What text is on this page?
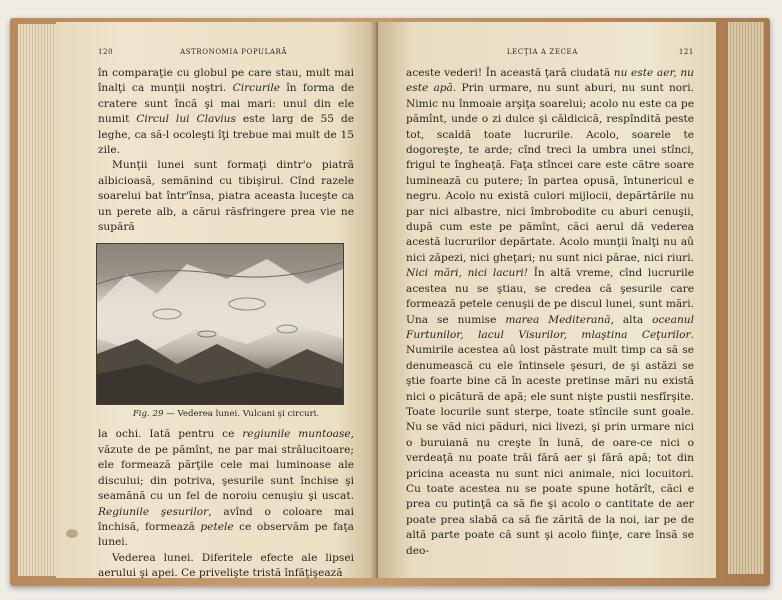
120	ASTRONOMIA POPULARĂ

în comparaţie cu globul pe care stau, mult mai înalţi ca munţii noştri. Circurile în forma de cratere sunt încă şi mai mari: unul din ele numit Circul lui Clavius este larg de 55 de leghe, ca să-l ocoleşti îţi trebue mai mult de 15 zile.

Munţii lunei sunt formaţi dintr'o piatră albicioasă, semănind cu tibişirul. Cînd razele soarelui bat într'însa, piatra aceasta luceşte ca un perete alb, a cărui răsfringere prea vie ne supără

Fig. 29 — Vederea lunei. Vulcani şi circuri.

la ochi. Iată pentru ce regiunile muntoase, văzute de pe pămînt, ne par mai strălucitoare; ele formează părţile cele mai luminoase ale discului; din potriva, şesurile sunt închise şi seamănă cu un fel de noroiu cenuşiu şi uscat. Regiunile şesurilor, avînd o coloare mai închisă, formează petele ce observăm pe faţa lunei.

Vederea lunei. Diferitele efecte ale lipsei aerului şi apei. Ce privelişte tristă înfăţişează

LECŢIA A ZECEA	121

aceste vederi! În această ţară ciudată nu este aer, nu este apă. Prin urmare, nu sunt aburi, nu sunt nori. Nimic nu înmoaie arşiţa soarelui; acolo nu este ca pe pămînt, unde o zi dulce şi căldicică, respîndită peste tot, scaldă toate lucrurile. Acolo, soarele te dogoreşte, te arde; cînd treci la umbra unei stînci, frigul te îngheaţă. Faţa stîncei care este către soare luminează cu putere; în partea opusă, întunericul e negru. Acolo nu există culori mijlocii, depărtările nu par nici albastre, nici îmbrobodite cu aburi cenuşii, după cum este pe pămînt, căci aerul dă vederea acestă lucrurilor depărtate. Acolo munţii înalţi nu aû nici zăpezi, nici gheţari; nu sunt nici părae, nici riuri. Nici mări, nici lacuri! În altă vreme, cînd lucrurile acestea nu se ştiau, se credea că şesurile care formează petele cenuşii de pe discul lunei, sunt mări. Una se numise marea Mediterană, alta oceanul Furtunilor, lacul Visurilor, mlaştina Ceţurilor. Numirile acestea aû lost păstrate mult timp ca să se denumească cu ele întinsele şesuri, de şi astăzi se ştie foarte bine că în aceste pretinse mări nu există nici o picătură de apă; ele sunt nişte pustii nesfîrşite. Toate locurile sunt sterpe, toate stîncile sunt goale. Nu se văd nici păduri, nici livezi, şi prin urmare nici o buruiană nu creşte în lună, de oare-ce nici o verdeaţă nu poate trăi fără aer şi fără apă; tot din pricina aceasta nu sunt nici animale, nici locuitori. Cu toate acestea nu se poate spune hotărît, căci e prea cu putinţă ca să fie şi acolo o cantitate de aer poate prea slabă ca să fie zărită de la noi, iar pe de altă parte poate că sunt şi acolo fiinţe, care însă se deo-
